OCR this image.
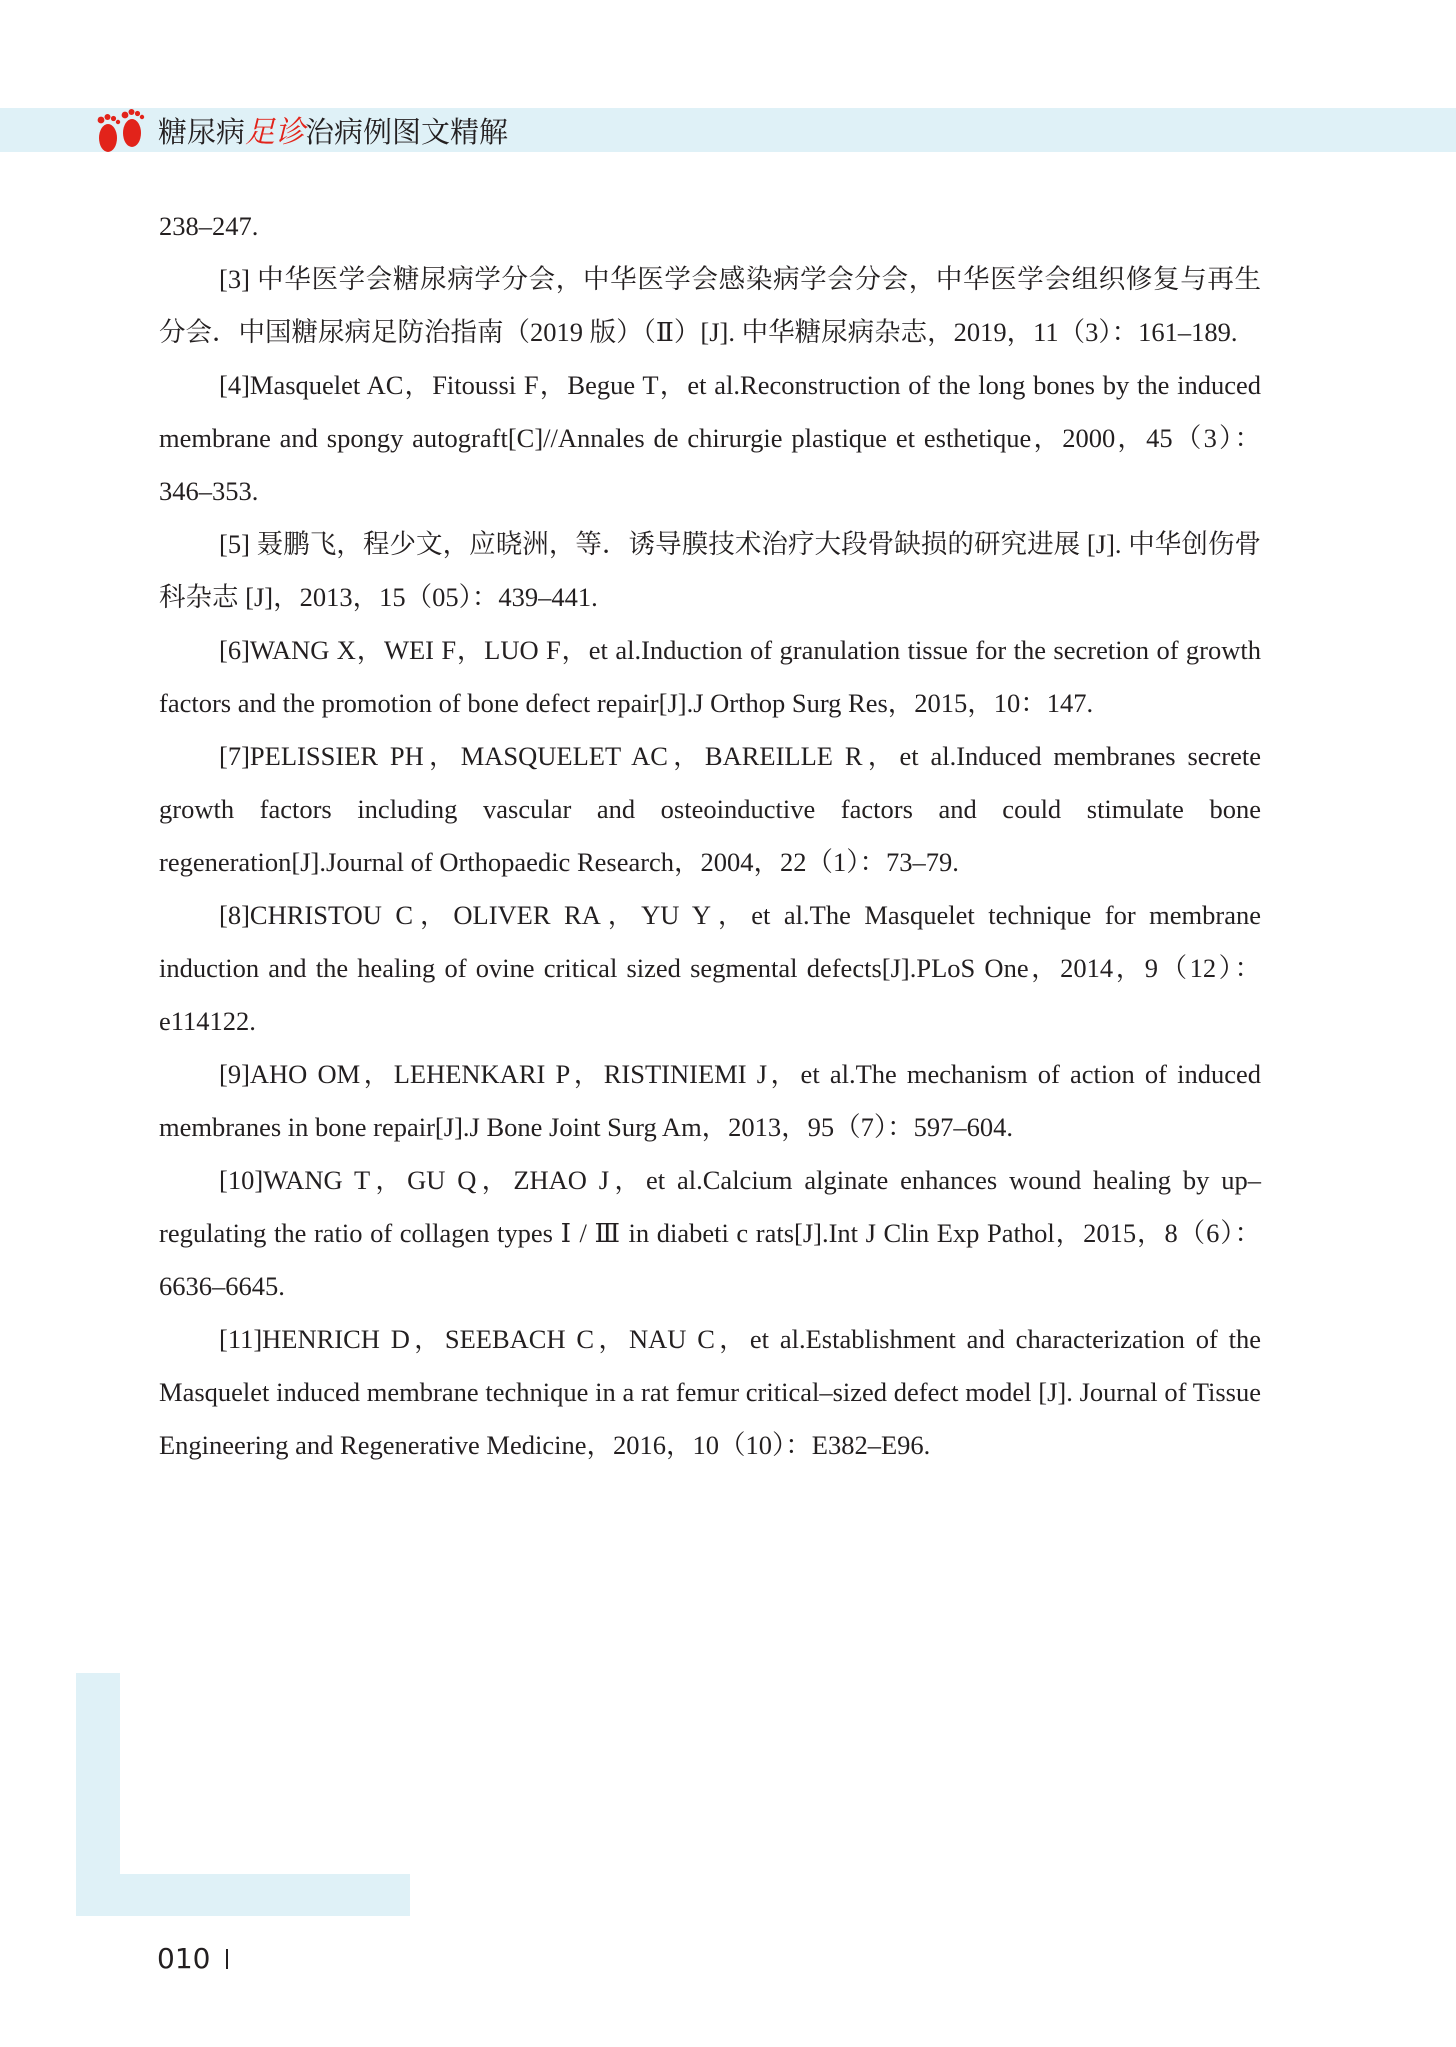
糖尿病足诊治病例图文精解

238–247.

[3] 中华医学会糖尿病学分会，中华医学会感染病学会分会，中华医学会组织修复与再生分会．中国糖尿病足防治指南（2019 版）（Ⅱ）[J]. 中华糖尿病杂志，2019，11（3）：161–189.

[4]Masquelet AC，Fitoussi F，Begue T，et al.Reconstruction of the long bones by the induced membrane and spongy autograft[C]//Annales de chirurgie plastique et esthetique，2000，45（3）：346–353.

[5] 聂鹏飞，程少文，应晓洲，等．诱导膜技术治疗大段骨缺损的研究进展 [J]. 中华创伤骨科杂志 [J]，2013，15（05）：439–441.

[6]WANG X，WEI F，LUO F，et al.Induction of granulation tissue for the secretion of growth factors and the promotion of bone defect repair[J].J Orthop Surg Res，2015，10：147.

[7]PELISSIER PH，MASQUELET AC，BAREILLE R，et al.Induced membranes secrete growth factors including vascular and osteoinductive factors and could stimulate bone regeneration[J].Journal of Orthopaedic Research，2004，22（1）：73–79.

[8]CHRISTOU C，OLIVER RA，YU Y，et al.The Masquelet technique for membrane induction and the healing of ovine critical sized segmental defects[J].PLoS One，2014，9（12）：e114122.

[9]AHO OM，LEHENKARI P，RISTINIEMI J，et al.The mechanism of action of induced membranes in bone repair[J].J Bone Joint Surg Am，2013，95（7）：597–604.

[10]WANG T，GU Q，ZHAO J，et al.Calcium alginate enhances wound healing by up–regulating the ratio of collagen types Ⅰ / Ⅲ in diabeti c rats[J].Int J Clin Exp Pathol，2015，8（6）：6636–6645.

[11]HENRICH D，SEEBACH C，NAU C，et al.Establishment and characterization of the Masquelet induced membrane technique in a rat femur critical–sized defect model [J]. Journal of Tissue Engineering and Regenerative Medicine，2016，10（10）：E382–E96.

010
